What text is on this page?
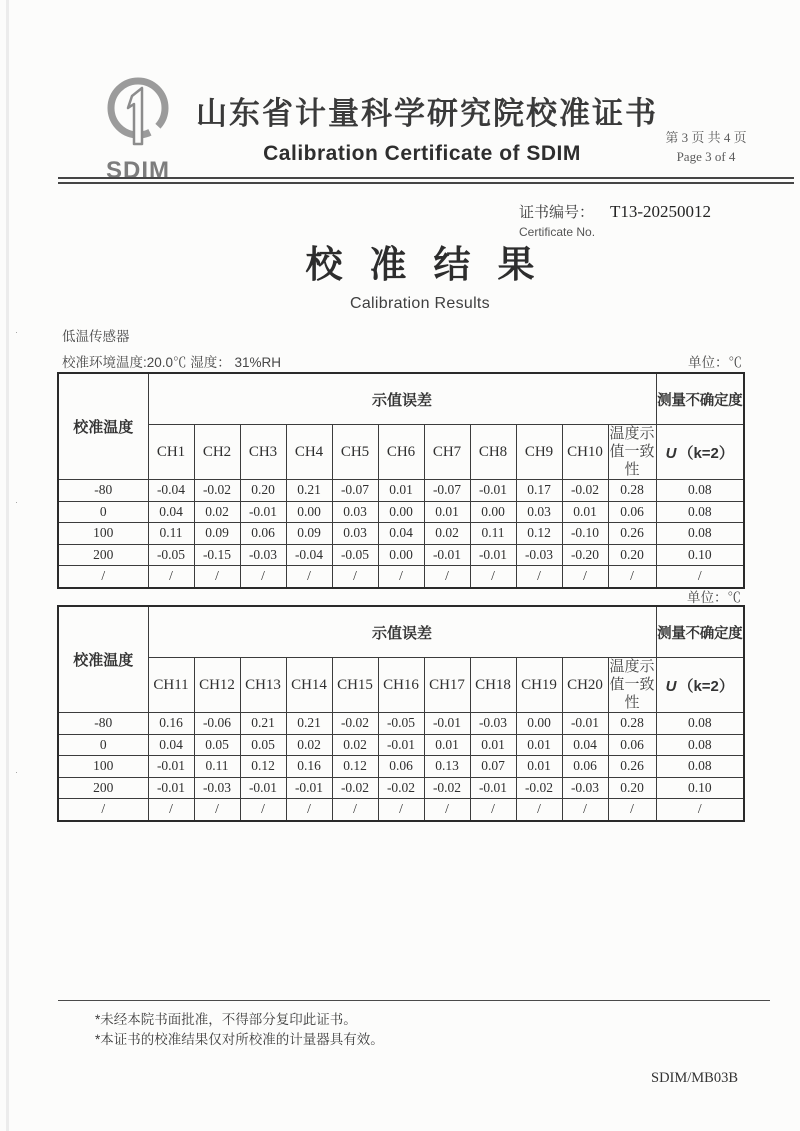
·
·
·
SDIM
山东省计量科学研究院校准证书
Calibration Certificate of SDIM
第 3 页 共 4 页
Page 3 of 4
证书编号： T13-20250012
Certificate No.
校准结果
Calibration Results
低温传感器
校准环境温度:20.0℃ 湿度： 31%RH	单位：℃
校准温度	示值误差											测量不确定度
	CH1	CH2	CH3	CH4	CH5	CH6	CH7	CH8	CH9	CH10	温度示值一致性	U （k=2）
-80	-0.04	-0.02	0.20	0.21	-0.07	0.01	-0.07	-0.01	0.17	-0.02	0.28	0.08
0	0.04	0.02	-0.01	0.00	0.03	0.00	0.01	0.00	0.03	0.01	0.06	0.08
100	0.11	0.09	0.06	0.09	0.03	0.04	0.02	0.11	0.12	-0.10	0.26	0.08
200	-0.05	-0.15	-0.03	-0.04	-0.05	0.00	-0.01	-0.01	-0.03	-0.20	0.20	0.10
/	/	/	/	/	/	/	/	/	/	/	/	/
单位：℃
校准温度	示值误差											测量不确定度
	CH11	CH12	CH13	CH14	CH15	CH16	CH17	CH18	CH19	CH20	温度示值一致性	U （k=2）
-80	0.16	-0.06	0.21	0.21	-0.02	-0.05	-0.01	-0.03	0.00	-0.01	0.28	0.08
0	0.04	0.05	0.05	0.02	0.02	-0.01	0.01	0.01	0.01	0.04	0.06	0.08
100	-0.01	0.11	0.12	0.16	0.12	0.06	0.13	0.07	0.01	0.06	0.26	0.08
200	-0.01	-0.03	-0.01	-0.01	-0.02	-0.02	-0.02	-0.01	-0.02	-0.03	0.20	0.10
/	/	/	/	/	/	/	/	/	/	/	/	/
*未经本院书面批准，不得部分复印此证书。
*本证书的校准结果仅对所校准的计量器具有效。
SDIM/MB03B
